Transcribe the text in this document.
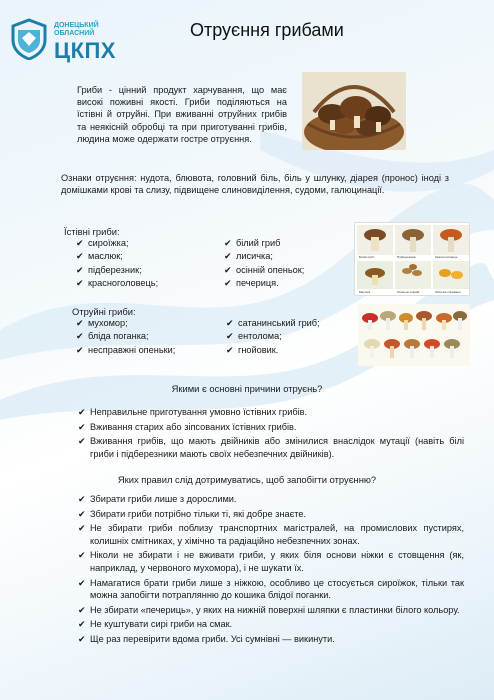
ДОНЕЦЬКИЙ
ОБЛАСНИЙ
ЦКПХ
Отруєння грибами
Гриби - цінний продукт харчування, що має високі поживні якості. Гриби поділяються на їстівні й отруйні. При вживанні отруйних грибів та неякісній обробці та при приготуванні грибів, людина може одержати гостре отруєння.
Ознаки отруєння: нудота, блювота, головний біль, біль у шлунку, діарея (пронос) іноді з домішками крові та слизу, підвищене слиновиділення, судоми, галюцинації.
Їстівні гриби:
✔ сироїжка;
✔ маслюк;
✔ підберезник;
✔ красноголовець;
✔ білий гриб
✔ лисичка;
✔ осінній опеньок;
✔ печериця.
Білий гриб	Підберезовик	Красноголовець
Маслюк	Опеньок осінній	Лисичка справжня
Отруйні гриби:
✔ мухомор;
✔ бліда поганка;
✔ несправжні опеньки;
✔ сатанинський гриб;
✔ ентолома;
✔ гнойовик.
Якими є основні причини отруєнь?
✔ Неправильне приготування умовно їстівних грибів.
✔ Вживання старих або зіпсованих їстівних грибів.
✔ Вживання грибів, що мають двійників або змінилися внаслідок мутації (навіть білі гриби і підберезники мають своїх небезпечних двійників).
Яких правил слід дотримуватись, щоб запобігти отруєнню?
✔ Збирати гриби лише з дорослими.
✔ Збирати гриби потрібно тільки ті, які добре знаєте.
✔ Не збирати гриби поблизу транспортних магістралей, на промислових пустирях, колишніх смітниках, у хімічно та радіаційно небезпечних зонах.
✔ Ніколи не збирати і не вживати гриби, у яких біля основи ніжки є стовщення (як, наприклад, у червоного мухомора), і не шукати їх.
✔ Намагатися брати гриби лише з ніжкою, особливо це стосується сироїжок, тільки так можна запобігти потраплянню до кошика блідої поганки.
✔ Не збирати «печериць», у яких на нижній поверхні шляпки є пластинки білого кольору.
✔ Не куштувати сирі гриби на смак.
✔ Ще раз перевірити вдома гриби. Усі сумнівні — викинути.
